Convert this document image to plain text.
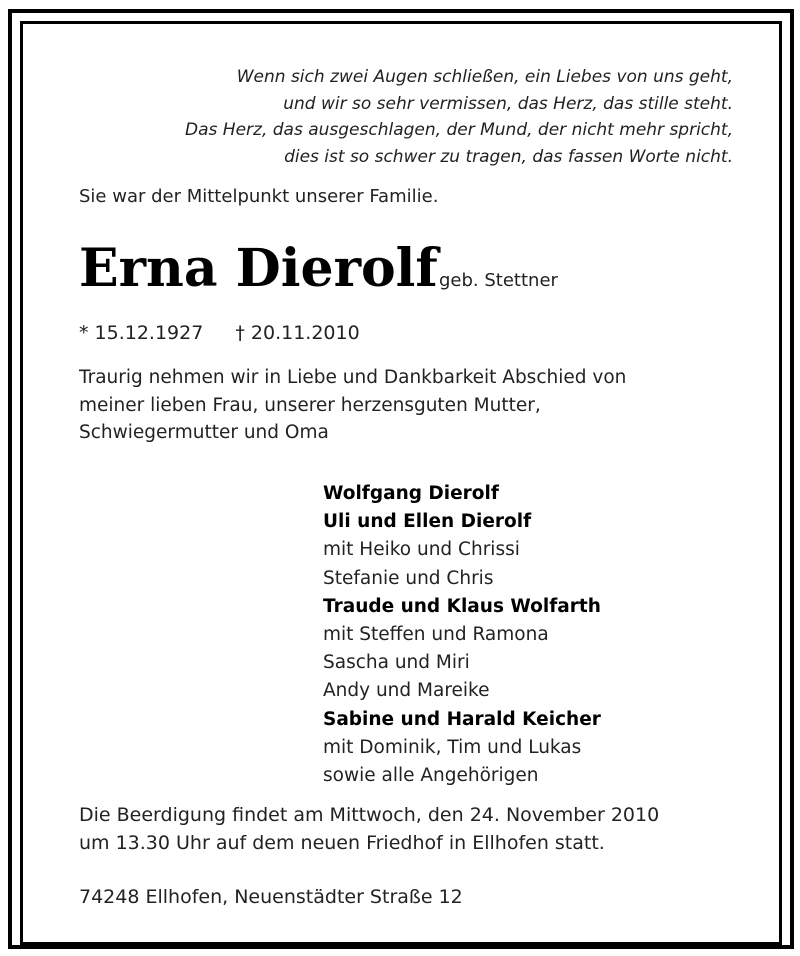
Wenn sich zwei Augen schließen, ein Liebes von uns geht,
und wir so sehr vermissen, das Herz, das stille steht.
Das Herz, das ausgeschlagen, der Mund, der nicht mehr spricht,
dies ist so schwer zu tragen, das fassen Worte nicht.
Sie war der Mittelpunkt unserer Familie.
Erna Dierolf geb. Stettner
* 15.12.1927 † 20.11.2010
Traurig nehmen wir in Liebe und Dankbarkeit Abschied von
meiner lieben Frau, unserer herzensguten Mutter,
Schwiegermutter und Oma
Wolfgang Dierolf
Uli und Ellen Dierolf
mit Heiko und Chrissi
Stefanie und Chris
Traude und Klaus Wolfarth
mit Steffen und Ramona
Sascha und Miri
Andy und Mareike
Sabine und Harald Keicher
mit Dominik, Tim und Lukas
sowie alle Angehörigen
Die Beerdigung findet am Mittwoch, den 24. November 2010
um 13.30 Uhr auf dem neuen Friedhof in Ellhofen statt.
74248 Ellhofen, Neuenstädter Straße 12
